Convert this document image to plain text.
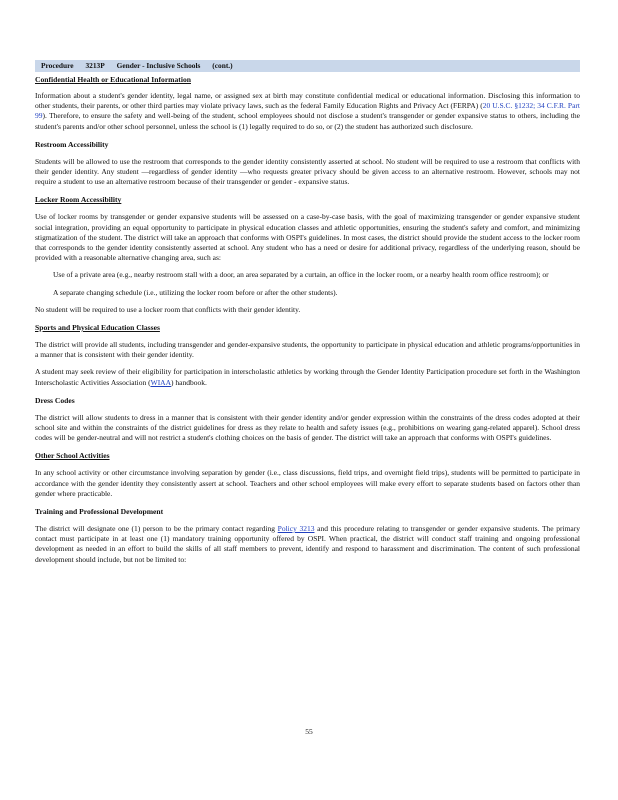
Procedure 3213P Gender - Inclusive Schools (cont.)
Confidential Health or Educational Information

Information about a student's gender identity, legal name, or assigned sex at birth may constitute confidential medical or educational information. Disclosing this information to other students, their parents, or other third parties may violate privacy laws, such as the federal Family Education Rights and Privacy Act (FERPA) (20 U.S.C. §1232; 34 C.F.R. Part 99). Therefore, to ensure the safety and well-being of the student, school employees should not disclose a student's transgender or gender expansive status to others, including the student's parents and/or other school personnel, unless the school is (1) legally required to do so, or (2) the student has authorized such disclosure.

Restroom Accessibility

Students will be allowed to use the restroom that corresponds to the gender identity consistently asserted at school. No student will be required to use a restroom that conflicts with their gender identity. Any student —regardless of gender identity —who requests greater privacy should be given access to an alternative restroom. However, schools may not require a student to use an alternative restroom because of their transgender or gender - expansive status.

Locker Room Accessibility

Use of locker rooms by transgender or gender expansive students will be assessed on a case-by-case basis, with the goal of maximizing transgender or gender expansive student social integration, providing an equal opportunity to participate in physical education classes and athletic opportunities, ensuring the student's safety and comfort, and minimizing stigmatization of the student. The district will take an approach that conforms with OSPI's guidelines. In most cases, the district should provide the student access to the locker room that corresponds to the gender identity consistently asserted at school. Any student who has a need or desire for additional privacy, regardless of the underlying reason, should be provided with a reasonable alternative changing area, such as:

Use of a private area (e.g., nearby restroom stall with a door, an area separated by a curtain, an office in the locker room, or a nearby health room office restroom); or
A separate changing schedule (i.e., utilizing the locker room before or after the other students).

No student will be required to use a locker room that conflicts with their gender identity.

Sports and Physical Education Classes

The district will provide all students, including transgender and gender-expansive students, the opportunity to participate in physical education and athletic programs/opportunities in a manner that is consistent with their gender identity.

A student may seek review of their eligibility for participation in interscholastic athletics by working through the Gender Identity Participation procedure set forth in the Washington Interscholastic Activities Association (WIAA) handbook.

Dress Codes

The district will allow students to dress in a manner that is consistent with their gender identity and/or gender expression within the constraints of the dress codes adopted at their school site and within the constraints of the district guidelines for dress as they relate to health and safety issues (e.g., prohibitions on wearing gang-related apparel). School dress codes will be gender-neutral and will not restrict a student's clothing choices on the basis of gender. The district will take an approach that conforms with OSPI's guidelines.

Other School Activities

In any school activity or other circumstance involving separation by gender (i.e., class discussions, field trips, and overnight field trips), students will be permitted to participate in accordance with the gender identity they consistently assert at school. Teachers and other school employees will make every effort to separate students based on factors other than gender where practicable.

Training and Professional Development

The district will designate one (1) person to be the primary contact regarding Policy 3213 and this procedure relating to transgender or gender expansive students. The primary contact must participate in at least one (1) mandatory training opportunity offered by OSPI. When practical, the district will conduct staff training and ongoing professional development as needed in an effort to build the skills of all staff members to prevent, identify and respond to harassment and discrimination. The content of such professional development should include, but not be limited to:

55
